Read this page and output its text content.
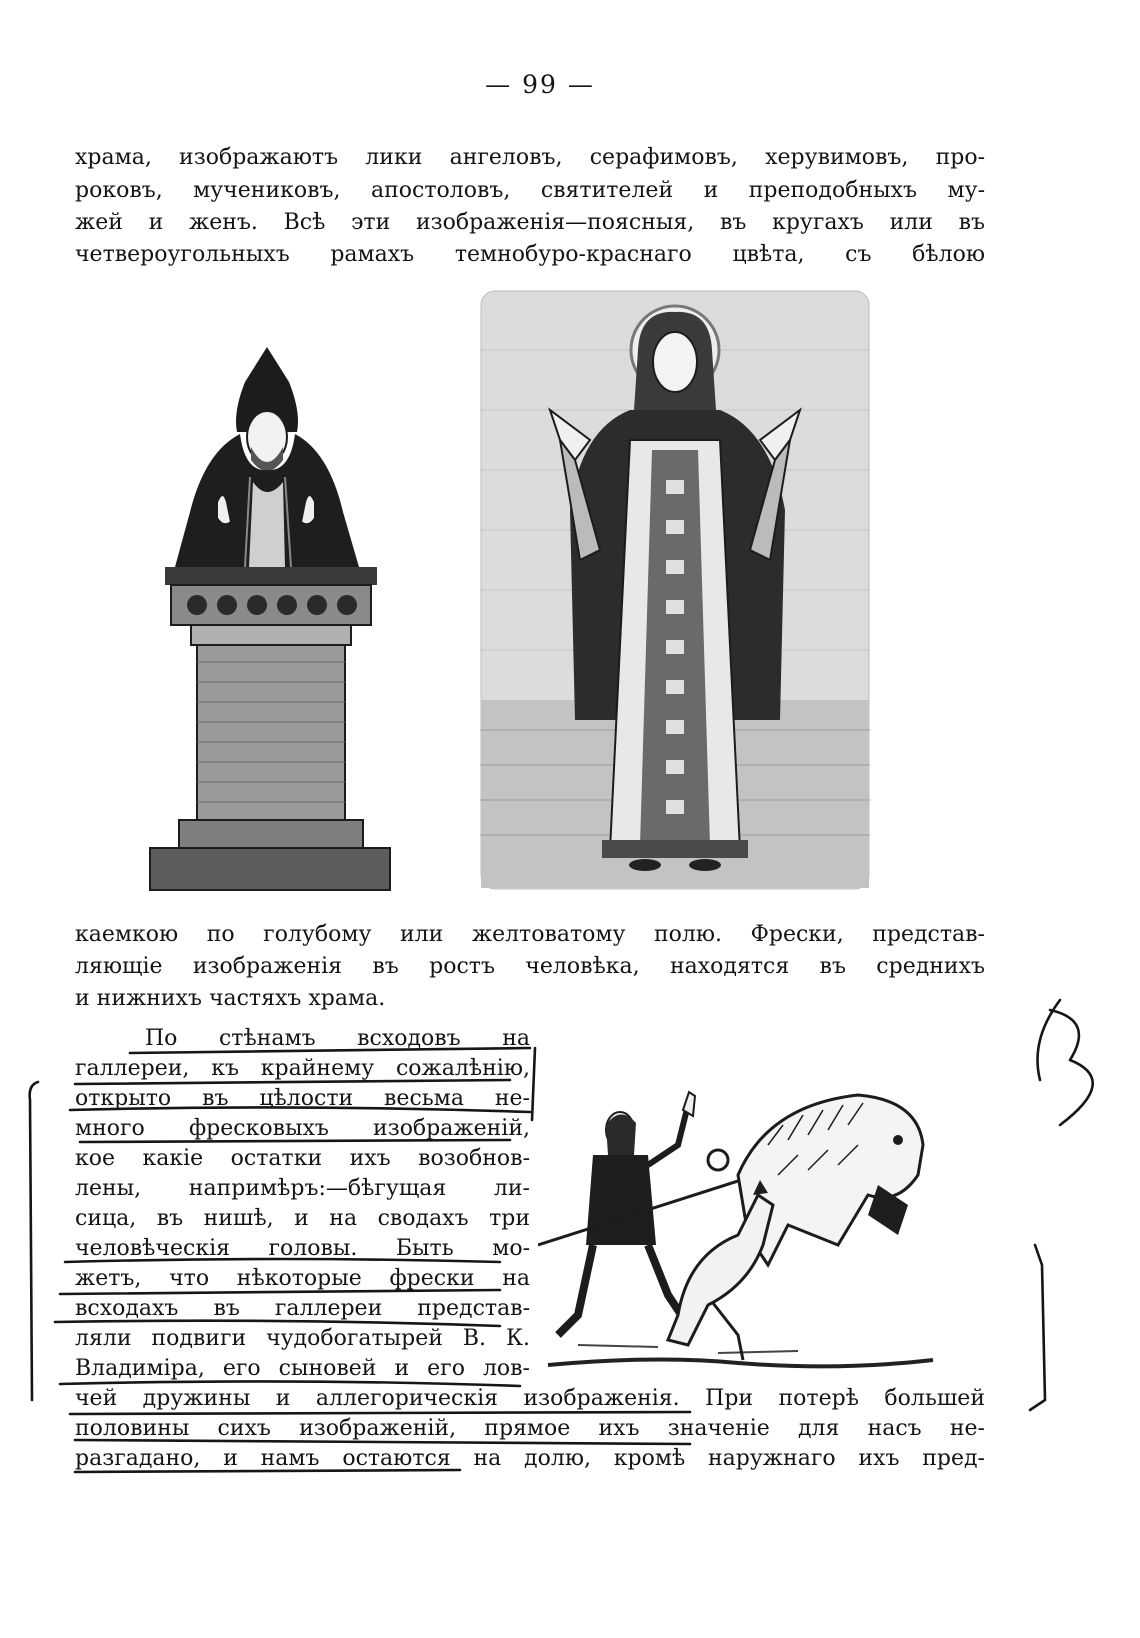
— 99 —
храма, изображаютъ лики ангеловъ, серафимовъ, херувимовъ, про-
роковъ, мучениковъ, апостоловъ, святителей и преподобныхъ му-
жей и женъ. Всѣ эти изображенія—поясныя, въ кругахъ или въ
четвероугольныхъ рамахъ темнобуро-краснаго цвѣта, съ бѣлою
каемкою по голубому или желтоватому полю. Фрески, представ-
ляющіе изображенія въ ростъ человѣка, находятся въ среднихъ
и нижнихъ частяхъ храма.
По стѣнамъ всходовъ на
галлереи, къ крайнему сожалѣнію,
открыто въ цѣлости весьма не-
много фресковыхъ изображеній,
кое какіе остатки ихъ возобнов-
лены, напримѣръ:—бѣгущая ли-
сица, въ нишѣ, и на сводахъ три
человѣческія головы. Быть мо-
жетъ, что нѣкоторые фрески на
всходахъ въ галлереи представ-
ляли подвиги чудобогатырей В. К.
Владиміра, его сыновей и его лов-
чей дружины и аллегорическія изображенія. При потерѣ большей
половины сихъ изображеній, прямое ихъ значеніе для насъ не-
разгадано, и намъ остаются на долю, кромѣ наружнаго ихъ пред-
